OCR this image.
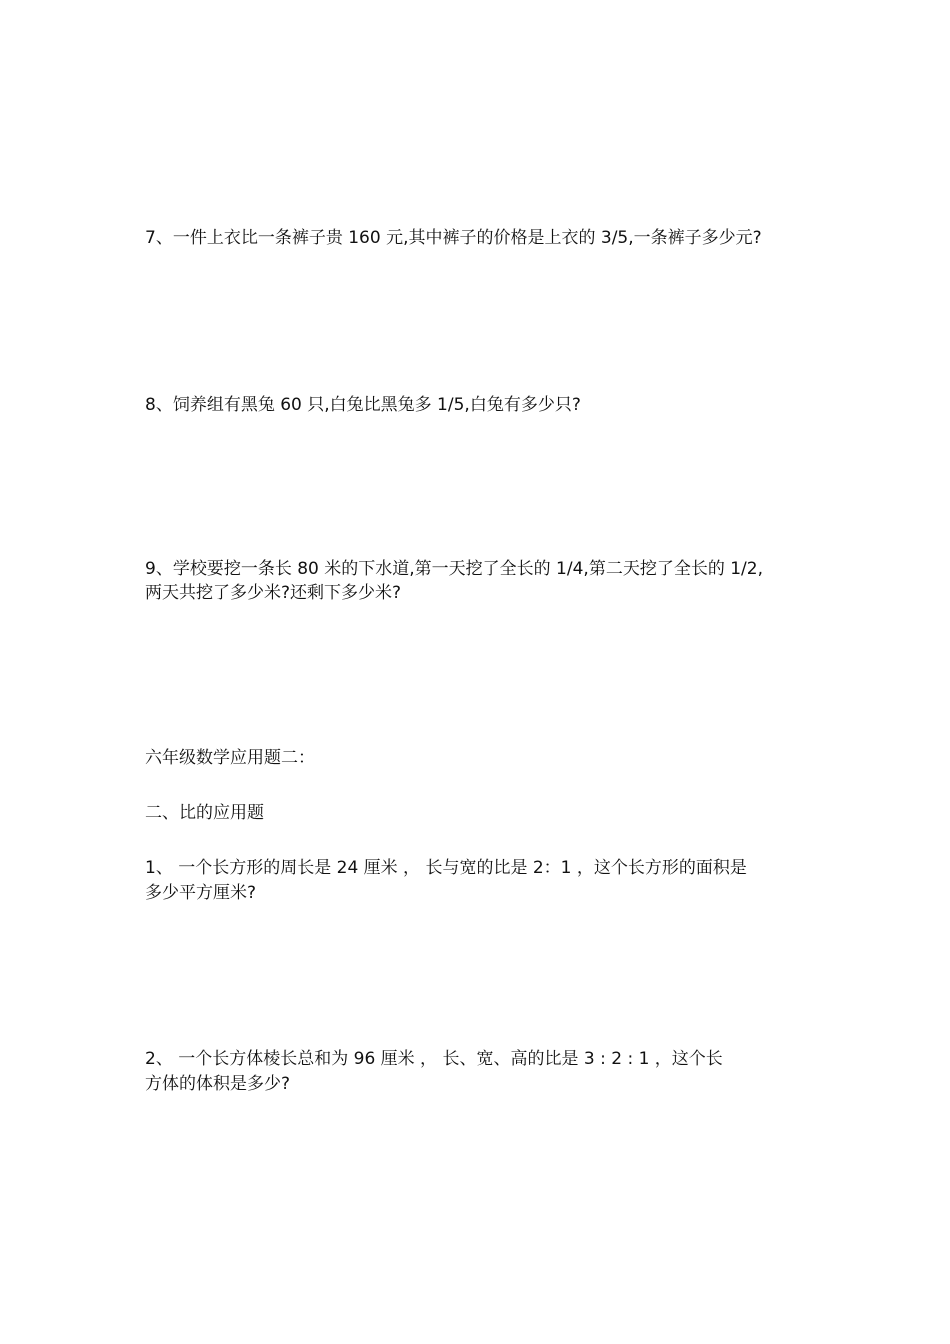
7、一件上衣比一条裤子贵 160 元,其中裤子的价格是上衣的 3/5,一条裤子多少元?
8、饲养组有黑兔 60 只,白兔比黑兔多 1/5,白兔有多少只?
9、学校要挖一条长 80 米的下水道,第一天挖了全长的 1/4,第二天挖了全长的 1/2,
两天共挖了多少米?还剩下多少米?
六年级数学应用题二：
二、比的应用题
1、 一个长方形的周长是 24 厘米 ， 长与宽的比是 2：1 ，这个长方形的面积是
多少平方厘米?
2、 一个长方体棱长总和为 96 厘米 ， 长、宽、高的比是 3 : 2 : 1 ，这个长
方体的体积是多少?
